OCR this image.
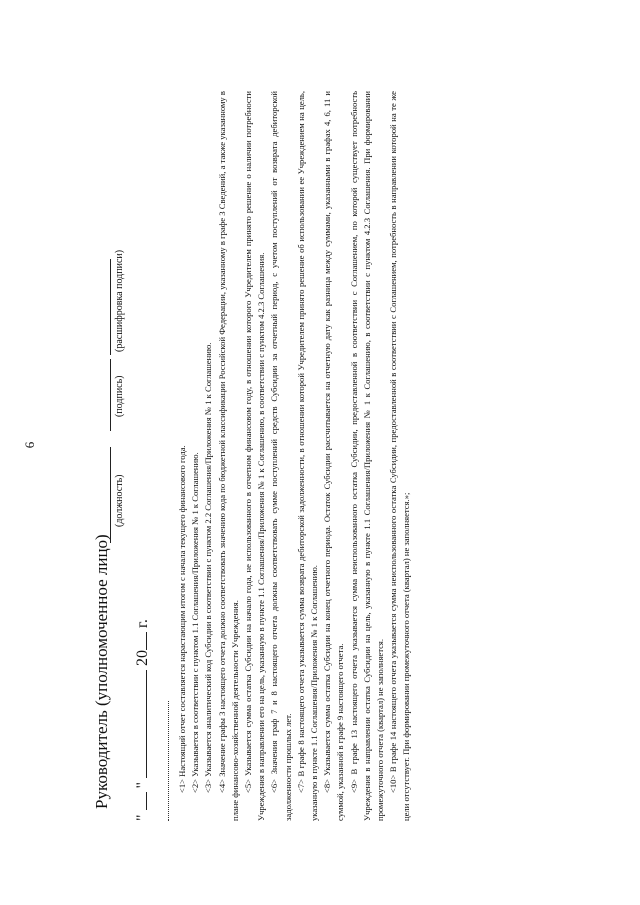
6
Руководитель (уполномоченное лицо)
(должность)
(подпись)
(расшифровка подписи)
"  "  20 г.	<1> Настоящий отчет составляется нарастающим итогом с начала текущего финансового года. <2> Указывается в соответствии с пунктом 1.1 Соглашения/Приложения № 1 к Соглашению. <3> Указывается аналитический код Субсидии в соответствии с пунктом 2.2 Соглашения/Приложения № 1 к Соглашению. <4> Значение графы 3 настоящего отчета должно соответствовать значению кода по бюджетной классификации Российской Федерации, указанному в графе 3 Сведений, а также указанному в плане финансово-хозяйственной деятельности Учреждения. <5> Указывается сумма остатка Субсидии на начало года, не использованного в отчетном финансовом году, в отношении которого Учредителем принято решение о наличии потребности Учреждения в направлении его на цель, указанную в пункте 1.1 Соглашения/Приложения № 1 к Соглашению, в соответствии с пунктом 4.2.3 Соглашения. <6> Значения граф 7 и 8 настоящего отчета должны соответствовать сумме поступлений средств Субсидии за отчетный период, с учетом поступлений от возврата дебиторской задолженности прошлых лет. <7> В графе 8 настоящего отчета указывается сумма возврата дебиторской задолженности, в отношении которой Учредителем принято решение об использовании ее Учреждением на цель, указанную в пункте 1.1 Соглашения/Приложения № 1 к Соглашению. <8> Указывается сумма остатка Субсидии на конец отчетного периода. Остаток Субсидии рассчитывается на отчетную дату как разница между суммами, указанными в графах 4, 6, 11 и суммой, указанной в графе 9 настоящего отчета. <9> В графе 13 настоящего отчета указывается сумма неиспользованного остатка Субсидии, предоставленной в соответствии с Соглашением, по которой существует потребность Учреждения в направлении остатка Субсидии на цель, указанную в пункте 1.1 Соглашения/Приложения № 1 к Соглашению, в соответствии с пунктом 4.2.3 Соглашения. При формировании промежуточного отчета (квартал) не заполняется. <10> В графе 14 настоящего отчета указывается сумма неиспользованного остатка Субсидии, предоставленной в соответствии с Соглашением, потребность в направлении которой на те же цели отсутствует. При формировании промежуточного отчета (квартал) не заполняется.»;
